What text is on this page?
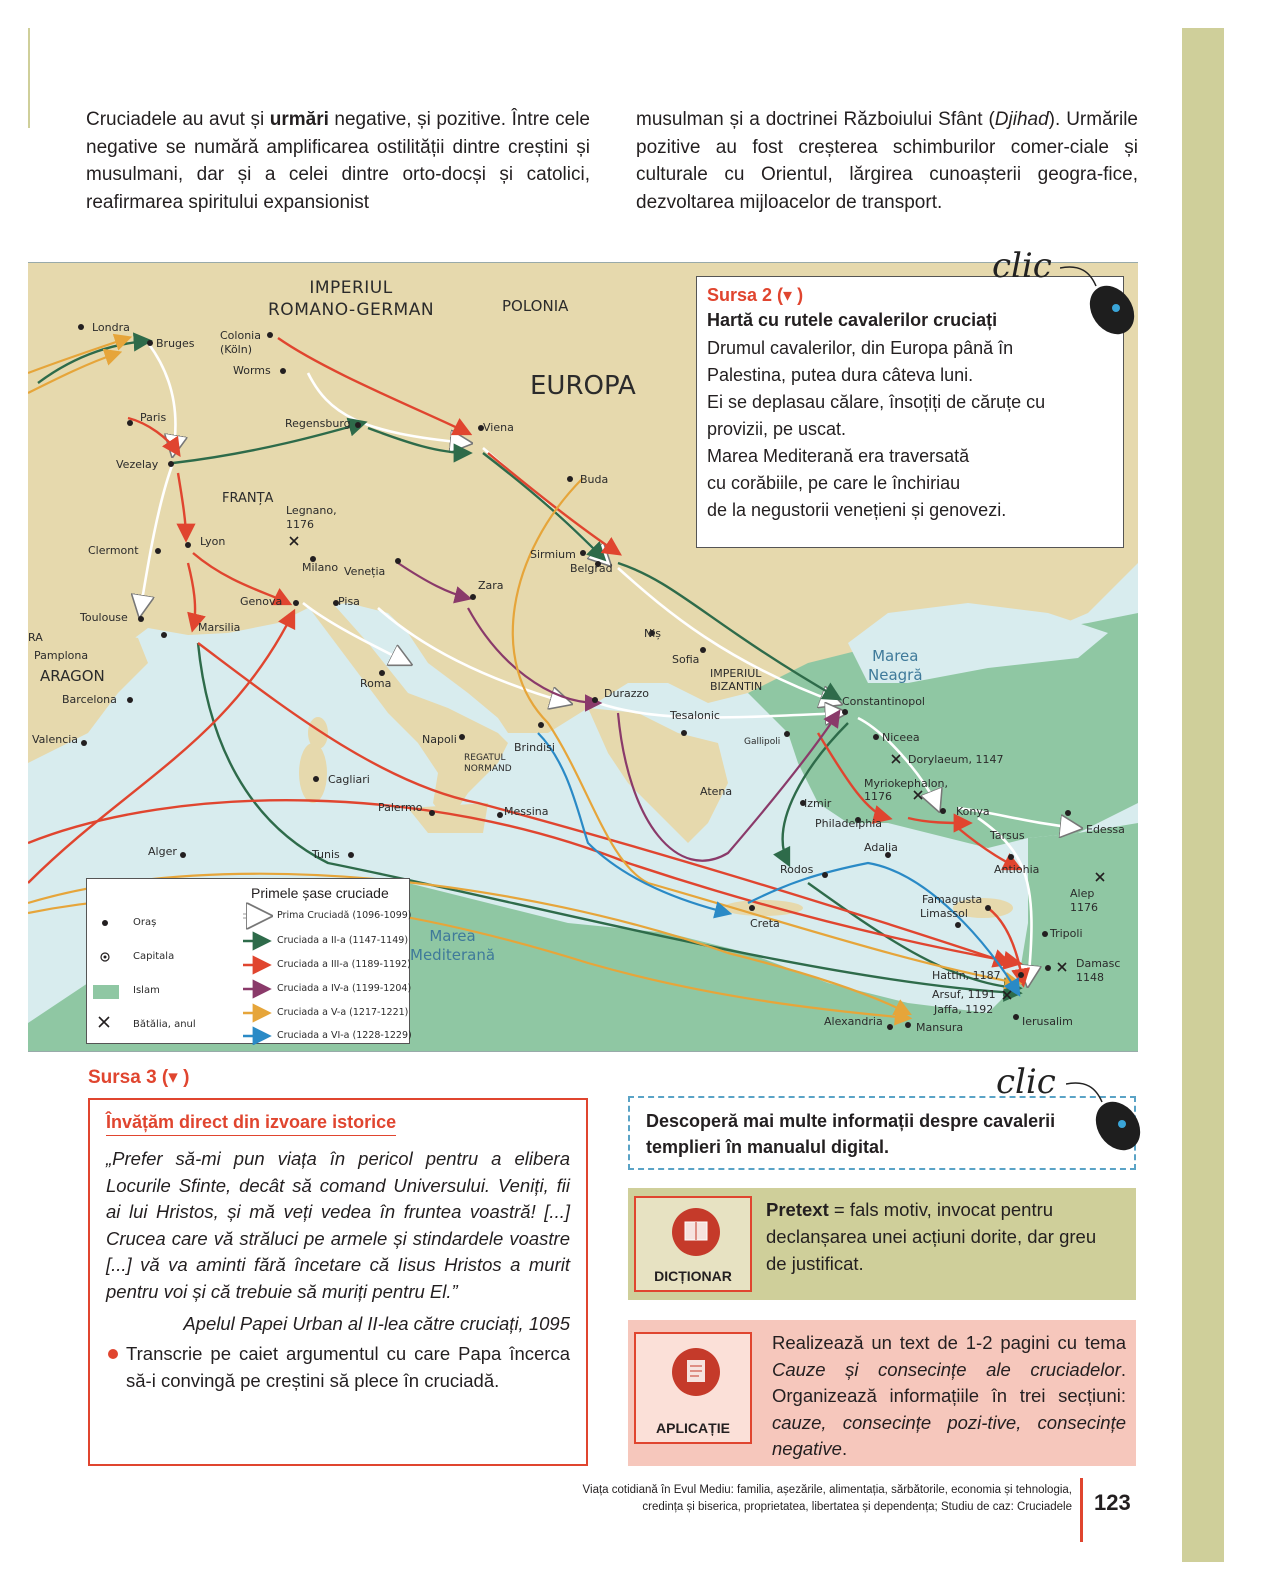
Cruciadele au avut și urmări negative, și pozitive. Între cele negative se numără amplificarea ostilității dintre creștini și musulmani, dar și a celei dintre orto-docși și catolici, reafirmarea spiritului expansionist
musulman și a doctrinei Războiului Sfânt (Djihad). Urmările pozitive au fost creșterea schimburilor comer-ciale și culturale cu Orientul, lărgirea cunoașterii geogra-fice, dezvoltarea mijloacelor de transport.
IMPERIUL
ROMANO-GERMAN	POLONIA
EUROPA
FRANȚA
ARAGON	IMPERIUL
BIZANTIN
REGATUL
NORMAND
RA
Marea
Neagră
Marea
Mediterană
Londra
Bruges
Colonia
(Köln)
Worms
Paris	Regensburg	Viena
Buda
Vezelay
Legnano,
1176
Clermont
Lyon
Milano Veneția
Toulouse
Genova	Pisa
Marsilia
Pamplona
Barcelona
Valencia
Roma
Zara
Sirmium
Belgrad
Niș
Sofia
Durazzo
Napoli
Brindisi
Cagliari
Palermo	Messina
Alger	Tunis
Tesalonic
Gallipoli
Constantinopol
Niceea
Dorylaeum, 1147
Myriokephalon,
1176
Atena
Izmir
Philadelphia
Konya
Tarsus	Edessa
Adalia
Antiohia
Alep
1176
Rodos
Famagusta
Limassol
Creta
Tripoli
Damasc
1148
Hattin, 1187
Arsuf, 1191
Jaffa, 1192
Alexandria	Mansura	Ierusalim
Sursa 2 (▾ )
Hartă cu rutele cavalerilor cruciați
Drumul cavalerilor, din Europa până în
Palestina, putea dura câteva luni.
Ei se deplasau călare, însoțiți de căruțe cu
provizii, pe uscat.
Marea Mediterană era traversată
cu corăbiile, pe care le închiriau
de la negustorii venețieni și genovezi.
clic
Primele șase cruciade
Oraș
Capitala
Islam
Bătălia, anul
Prima Cruciadă (1096-1099)
Cruciada a II-a (1147-1149)
Cruciada a III-a (1189-1192)
Cruciada a IV-a (1199-1204)
Cruciada a V-a (1217-1221)
Cruciada a VI-a (1228-1229)
Sursa 3 (▾ )
Învățăm direct din izvoare istorice
„Prefer să-mi pun viața în pericol pentru a elibera Locurile Sfinte, decât să comand Universului. Veniți, fii ai lui Hristos, și mă veți vedea în fruntea voastră! [...] Crucea care vă străluci pe armele și stindardele voastre [...] vă va aminti fără încetare că Iisus Hristos a murit pentru voi și că trebuie să muriți pentru El.”
Apelul Papei Urban al II-lea către cruciați, 1095
Transcrie pe caiet argumentul cu care Papa încerca să-i convingă pe creștini să plece în cruciadă.
Descoperă mai multe informații despre cavalerii templieri în manualul digital.
clic
DICȚIONAR
Pretext = fals motiv, invocat pentru declanșarea unei acțiuni dorite, dar greu de justificat.
APLICAȚIE
Realizează un text de 1-2 pagini cu tema Cauze și consecințe ale cruciadelor. Organizează informațiile în trei secțiuni: cauze, consecințe pozi-tive, consecințe negative.
Viața cotidiană în Evul Mediu: familia, așezările, alimentația, sărbătorile, economia și tehnologia,
credința și biserica, proprietatea, libertatea și dependența; Studiu de caz: Cruciadele 123
